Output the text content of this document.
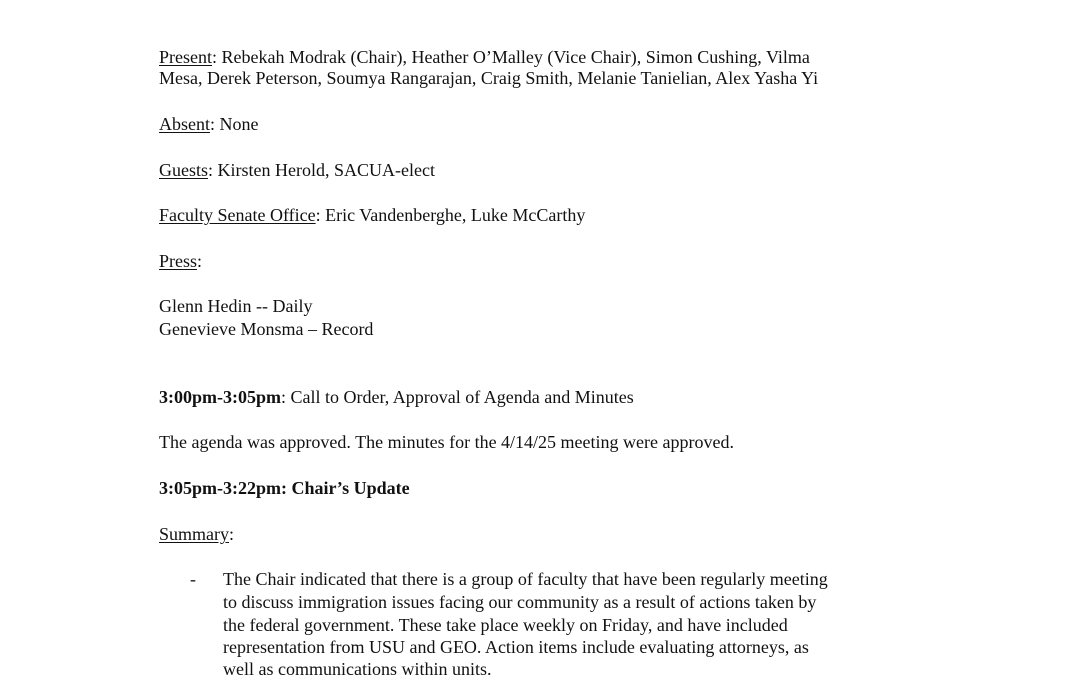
Present: Rebekah Modrak (Chair), Heather O’Malley (Vice Chair), Simon Cushing, Vilma
Mesa, Derek Peterson, Soumya Rangarajan, Craig Smith, Melanie Tanielian, Alex Yasha Yi
Absent: None
Guests: Kirsten Herold, SACUA-elect
Faculty Senate Office: Eric Vandenberghe, Luke McCarthy
Press:
Glenn Hedin -- Daily
Genevieve Monsma – Record
3:00pm-3:05pm: Call to Order, Approval of Agenda and Minutes
The agenda was approved. The minutes for the 4/14/25 meeting were approved.
3:05pm-3:22pm: Chair’s Update
Summary:
- The Chair indicated that there is a group of faculty that have been regularly meeting
to discuss immigration issues facing our community as a result of actions taken by
the federal government. These take place weekly on Friday, and have included
representation from USU and GEO. Action items include evaluating attorneys, as
well as communications within units.
